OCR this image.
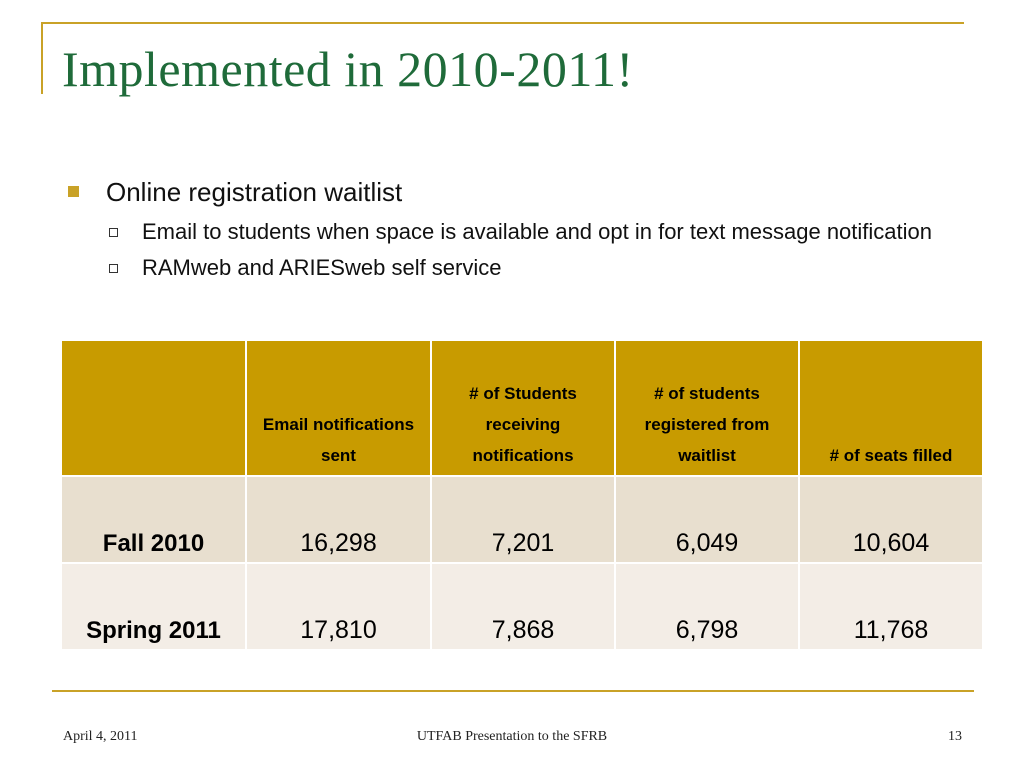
Implemented in 2010-2011!
Online registration waitlist
Email to students when space is available and opt in for text message notification
RAMweb and ARIESweb self service
	Email notifications sent	# of Students receiving notifications	# of students registered from waitlist	# of seats filled
Fall 2010	16,298	7,201	6,049	10,604
Spring 2011	17,810	7,868	6,798	11,768
April 4, 2011	UTFAB Presentation to the SFRB	13
